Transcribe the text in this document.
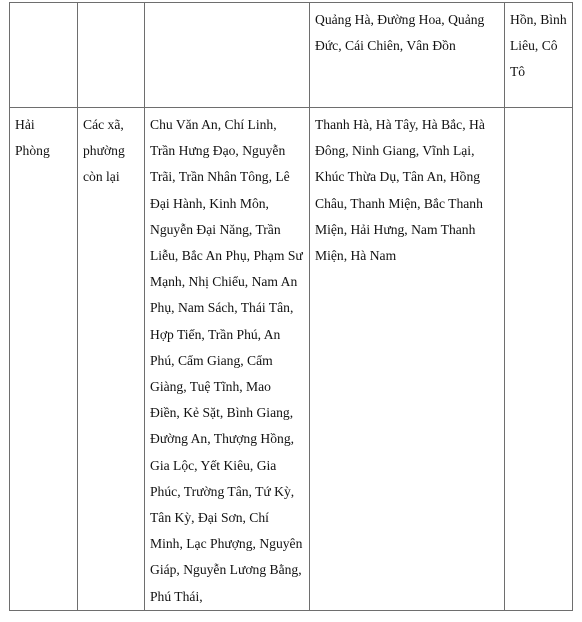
			Quảng Hà, Đường Hoa, Quảng Đức, Cái Chiên, Vân Đồn	Hồn, Bình Liêu, Cô Tô

Hải Phòng	Các xã, phường còn lại	Chu Văn An, Chí Linh, Trần Hưng Đạo, Nguyễn Trãi, Trần Nhân Tông, Lê Đại Hành, Kinh Môn, Nguyễn Đại Năng, Trần Liễu, Bắc An Phụ, Phạm Sư Mạnh, Nhị Chiểu, Nam An Phụ, Nam Sách, Thái Tân, Hợp Tiến, Trần Phú, An Phú, Cẩm Giang, Cẩm Giàng, Tuệ Tĩnh, Mao Điền, Kẻ Sặt, Bình Giang, Đường An, Thượng Hồng, Gia Lộc, Yết Kiêu, Gia Phúc, Trường Tân, Tứ Kỳ, Tân Kỳ, Đại Sơn, Chí Minh, Lạc Phượng, Nguyên Giáp, Nguyễn Lương Bằng, Phú Thái,	Thanh Hà, Hà Tây, Hà Bắc, Hà Đông, Ninh Giang, Vĩnh Lại, Khúc Thừa Dụ, Tân An, Hồng Châu, Thanh Miện, Bắc Thanh Miện, Hải Hưng, Nam Thanh Miện, Hà Nam	
